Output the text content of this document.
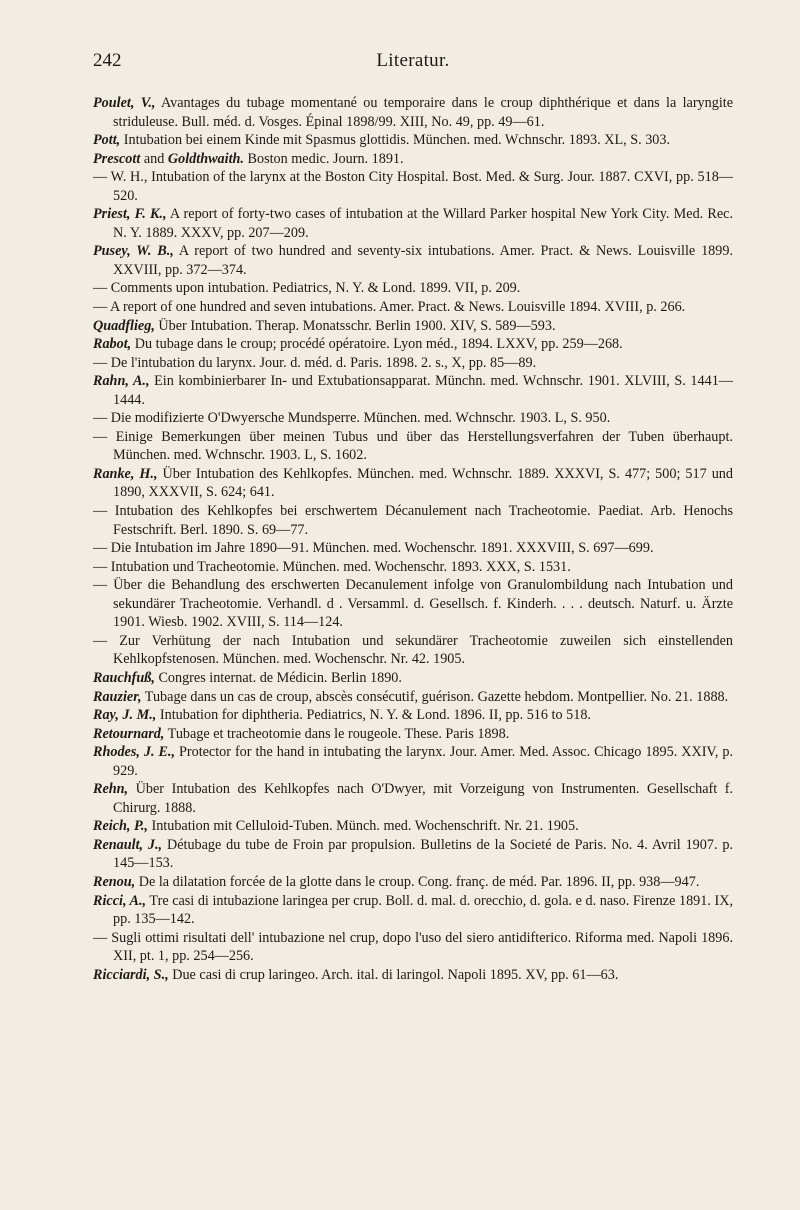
242	Literatur.
Poulet, V., Avantages du tubage momentané ou temporaire dans le croup diphthérique et dans la laryngite striduleuse. Bull. méd. d. Vosges. Épinal 1898/99. XIII, No. 49, pp. 49—61.
Pott, Intubation bei einem Kinde mit Spasmus glottidis. München. med. Wchnschr. 1893. XL, S. 303.
Prescott and Goldthwaith. Boston medic. Journ. 1891.
— W. H., Intubation of the larynx at the Boston City Hospital. Bost. Med. & Surg. Jour. 1887. CXVI, pp. 518—520.
Priest, F. K., A report of forty-two cases of intubation at the Willard Parker hospital New York City. Med. Rec. N. Y. 1889. XXXV, pp. 207—209.
Pusey, W. B., A report of two hundred and seventy-six intubations. Amer. Pract. & News. Louisville 1899. XXVIII, pp. 372—374.
— Comments upon intubation. Pediatrics, N. Y. & Lond. 1899. VII, p. 209.
— A report of one hundred and seven intubations. Amer. Pract. & News. Louisville 1894. XVIII, p. 266.
Quadflieg, Über Intubation. Therap. Monatsschr. Berlin 1900. XIV, S. 589—593.
Rabot, Du tubage dans le croup; procédé opératoire. Lyon méd., 1894. LXXV, pp. 259—268.
— De l'intubation du larynx. Jour. d. méd. d. Paris. 1898. 2. s., X, pp. 85—89.
Rahn, A., Ein kombinierbarer In- und Extubationsapparat. Münchn. med. Wchnschr. 1901. XLVIII, S. 1441—1444.
— Die modifizierte O'Dwyersche Mundsperre. München. med. Wchnschr. 1903. L, S. 950.
— Einige Bemerkungen über meinen Tubus und über das Herstellungsverfahren der Tuben überhaupt. München. med. Wchnschr. 1903. L, S. 1602.
Ranke, H., Über Intubation des Kehlkopfes. München. med. Wchnschr. 1889. XXXVI, S. 477; 500; 517 und 1890, XXXVII, S. 624; 641.
— Intubation des Kehlkopfes bei erschwertem Décanulement nach Tracheotomie. Paediat. Arb. Henochs Festschrift. Berl. 1890. S. 69—77.
— Die Intubation im Jahre 1890—91. München. med. Wochenschr. 1891. XXXVIII, S. 697—699.
— Intubation und Tracheotomie. München. med. Wochenschr. 1893. XXX, S. 1531.
— Über die Behandlung des erschwerten Decanulement infolge von Granulombildung nach Intubation und sekundärer Tracheotomie. Verhandl. d . Versamml. d. Gesellsch. f. Kinderh. . . . deutsch. Naturf. u. Ärzte 1901. Wiesb. 1902. XVIII, S. 114—124.
— Zur Verhütung der nach Intubation und sekundärer Tracheotomie zuweilen sich einstellenden Kehlkopfstenosen. München. med. Wochenschr. Nr. 42. 1905.
Rauchfuß, Congres internat. de Médicin. Berlin 1890.
Rauzier, Tubage dans un cas de croup, abscès consécutif, guérison. Gazette hebdom. Montpellier. No. 21. 1888.
Ray, J. M., Intubation for diphtheria. Pediatrics, N. Y. & Lond. 1896. II, pp. 516 to 518.
Retournard, Tubage et tracheotomie dans le rougeole. These. Paris 1898.
Rhodes, J. E., Protector for the hand in intubating the larynx. Jour. Amer. Med. Assoc. Chicago 1895. XXIV, p. 929.
Rehn, Über Intubation des Kehlkopfes nach O'Dwyer, mit Vorzeigung von Instrumenten. Gesellschaft f. Chirurg. 1888.
Reich, P., Intubation mit Celluloid-Tuben. Münch. med. Wochenschrift. Nr. 21. 1905.
Renault, J., Détubage du tube de Froin par propulsion. Bulletins de la Societé de Paris. No. 4. Avril 1907. p. 145—153.
Renou, De la dilatation forcée de la glotte dans le croup. Cong. franç. de méd. Par. 1896. II, pp. 938—947.
Ricci, A., Tre casi di intubazione laringea per crup. Boll. d. mal. d. orecchio, d. gola. e d. naso. Firenze 1891. IX, pp. 135—142.
— Sugli ottimi risultati dell' intubazione nel crup, dopo l'uso del siero antidifterico. Riforma med. Napoli 1896. XII, pt. 1, pp. 254—256.
Ricciardi, S., Due casi di crup laringeo. Arch. ital. di laringol. Napoli 1895. XV, pp. 61—63.
